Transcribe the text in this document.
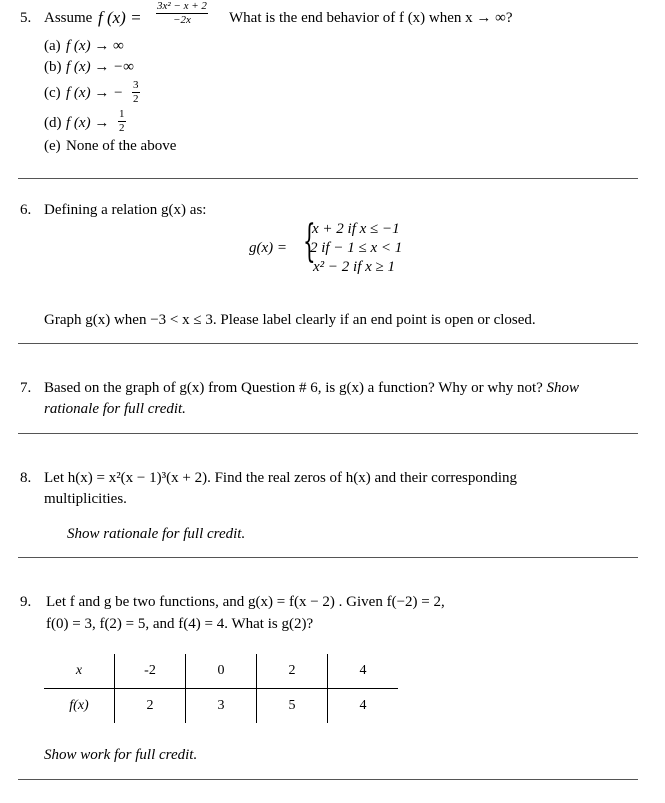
5. Assume f $(x) = \frac{\text{3x² − x + 2}}{-2x}$ What is the end behavior of f (x) when x → ∞?
(a) f (x) → ∞
(b) f (x) → −∞
(c) f (x) → − $\frac{3}{2}$
(d) f $(x) \to \frac{1}{2}$
(e) None of the above
6. Defining a relation g(x) as:
g(x) = {
x + 2 if x ≤ −1
2 if − 1 ≤ x < 1
x² − 2 if x ≥ 1
Graph g(x) when −3 < x ≤ 3. Please label clearly if an end point is open or closed.
7. Based on the graph of g(x) from Question # 6, is g(x) a function? Why or why not? Show
rationale for full credit.
8. Let h(x) = x²(x − 1)³(x + 2). Find the real zeros of h(x) and their corresponding
multiplicities.
Show rationale for full credit.
9. Let f and g be two functions, and g(x) = f(x − 2) . Given f(−2) = 2,
f(0) = 3, f(2) = 5, and f(4) = 4. What is g(2)?
x	-2	0	2	4
f(x)	2	3	5	4
Show work for full credit.
